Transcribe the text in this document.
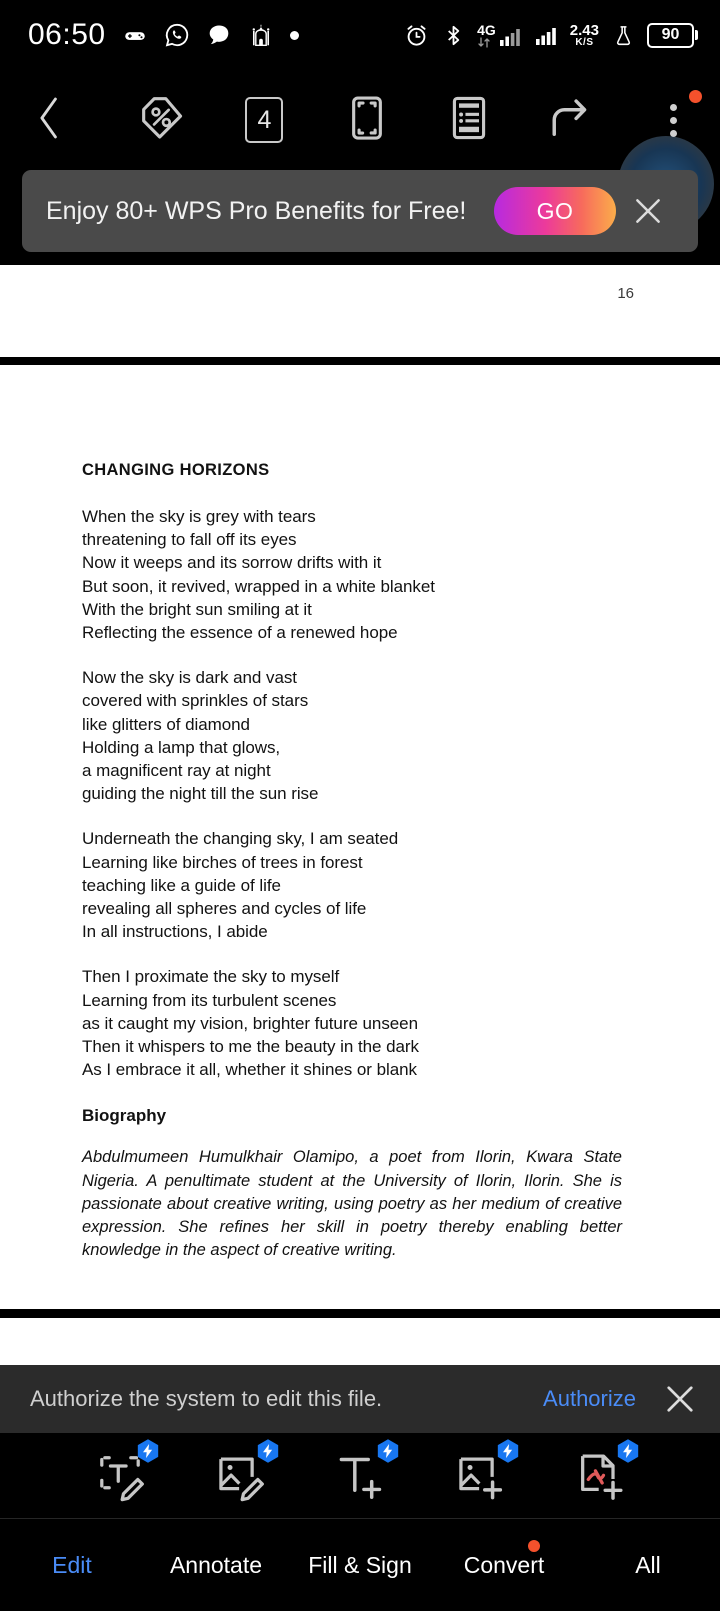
06:50	4G	2.43
K/S	90
4
Enjoy 80+ WPS Pro Benefits for Free!	GO
16
CHANGING HORIZONS
When the sky is grey with tears
threatening to fall off its eyes
Now it weeps and its sorrow drifts with it
But soon, it revived, wrapped in a white blanket
With the bright sun smiling at it
Reflecting the essence of a renewed hope
Now the sky is dark and vast
covered with sprinkles of stars
like glitters of diamond
Holding a lamp that glows,
a magnificent ray at night
guiding the night till the sun rise
Underneath the changing sky, I am seated
Learning like birches of trees in forest
teaching like a guide of life
revealing all spheres and cycles of life
In all instructions, I abide
Then I proximate the sky to myself
Learning from its turbulent scenes
as it caught my vision, brighter future unseen
Then it whispers to me the beauty in the dark
As I embrace it all, whether it shines or blank
Biography
Abdulmumeen Humulkhair Olamipo, a poet from Ilorin, Kwara State Nigeria. A penultimate student at the University of Ilorin, Ilorin. She is passionate about creative writing, using poetry as her medium of creative expression. She refines her skill in poetry thereby enabling better knowledge in the aspect of creative writing.
Authorize the system to edit this file.	Authorize
Edit	Annotate	Fill & Sign	Convert	All
